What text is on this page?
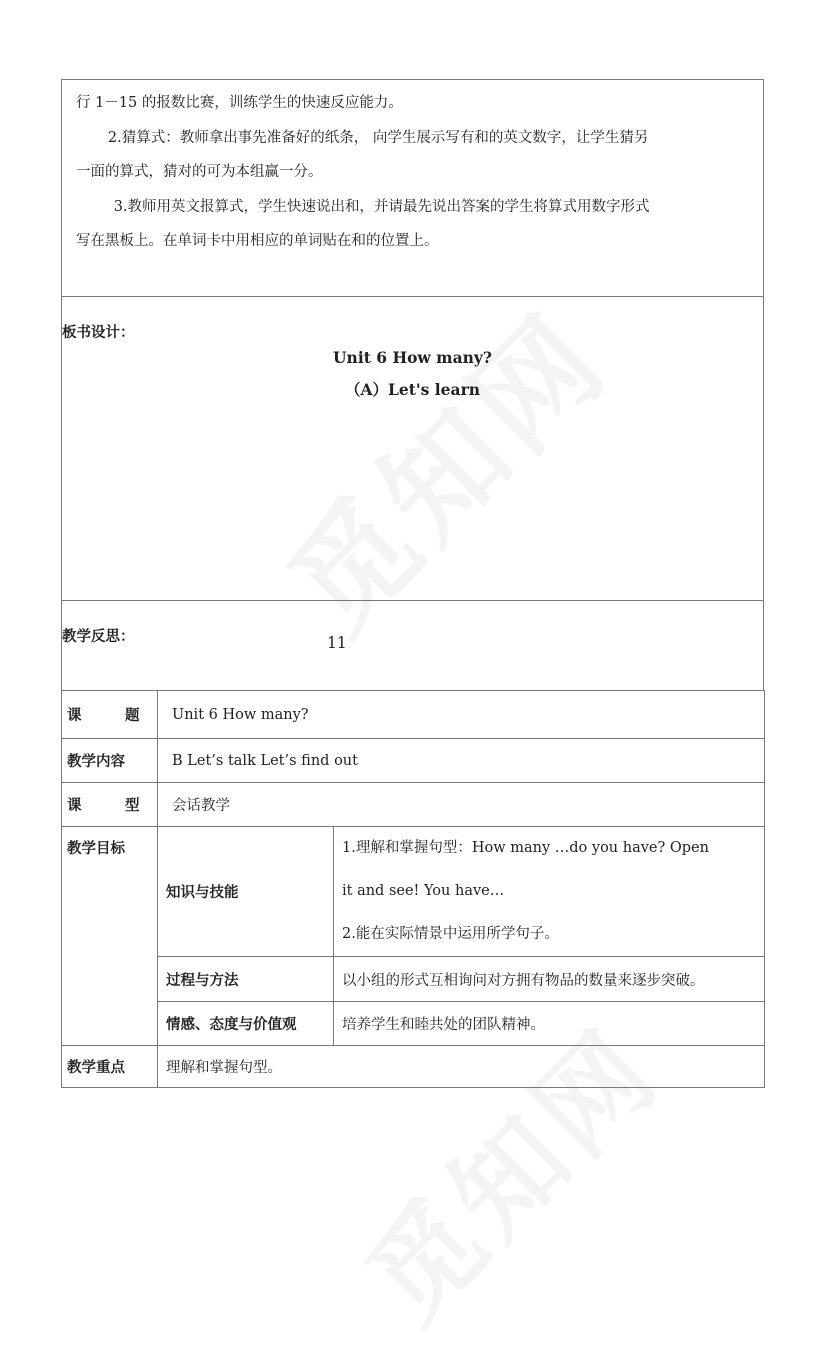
行 1－15 的报数比赛，训练学生的快速反应能力。

2.猜算式：教师拿出事先准备好的纸条， 向学生展示写有和的英文数字，让学生猜另

一面的算式，猜对的可为本组赢一分。

3.教师用英文报算式，学生快速说出和，并请最先说出答案的学生将算式用数字形式

写在黑板上。在单词卡中用相应的单词贴在和的位置上。

板书设计：
Unit 6 How many?
（A）Let's learn
11
教学反思：
课 题	Unit 6 How many?	
教学内容	B Let’s talk Let’s find out	
课 型	会话教学	
教学目标	知识与技能	1.理解和掌握句型：How many …do you have? Open
it and see! You have…
2.能在实际情景中运用所学句子。

	过程与方法	以小组的形式互相询问对方拥有物品的数量来逐步突破。
	情感、态度与价值观	培养学生和睦共处的团队精神。
教学重点	理解和掌握句型。	
